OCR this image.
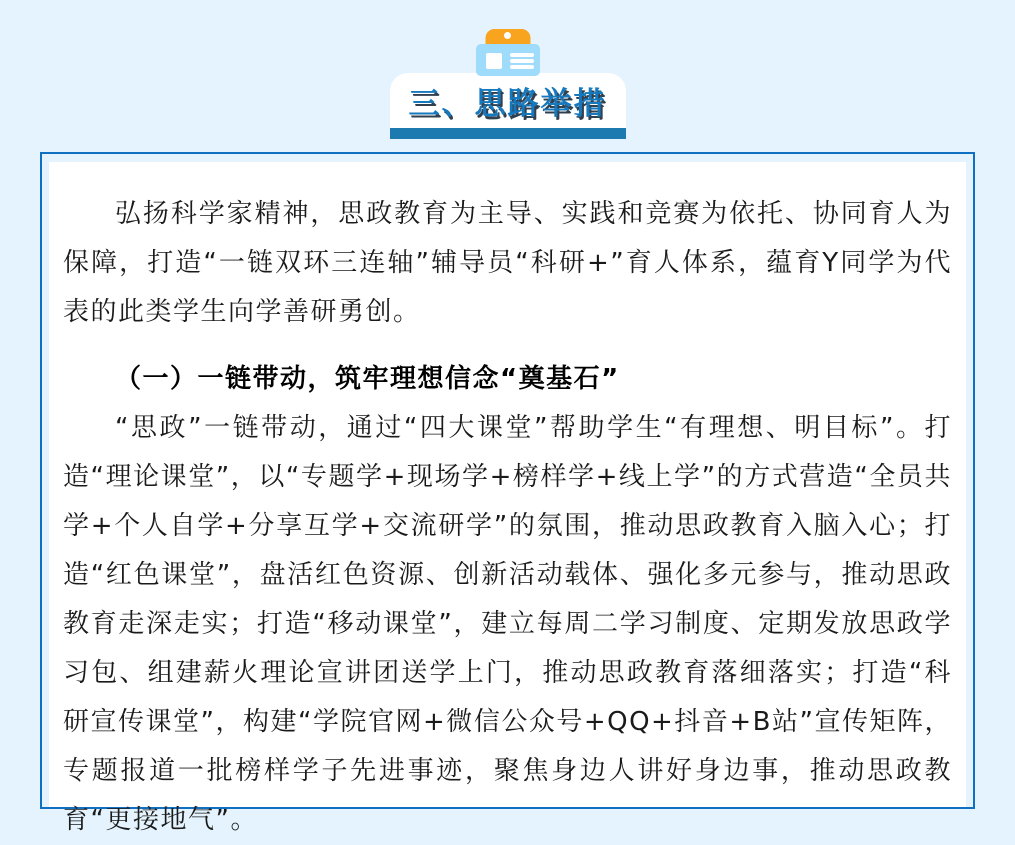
三、思路举措

弘扬科学家精神，思政教育为主导、实践和竞赛为依托、协同育人为保障，打造“一链双环三连轴”辅导员“科研+”育人体系，蕴育Y同学为代表的此类学生向学善研勇创。

（一）一链带动，筑牢理想信念“奠基石”

“思政”一链带动，通过“四大课堂”帮助学生“有理想、明目标”。打造“理论课堂”，以“专题学+现场学+榜样学+线上学”的方式营造“全员共学+个人自学+分享互学+交流研学”的氛围，推动思政教育入脑入心；打造“红色课堂”，盘活红色资源、创新活动载体、强化多元参与，推动思政教育走深走实；打造“移动课堂”，建立每周二学习制度、定期发放思政学习包、组建薪火理论宣讲团送学上门，推动思政教育落细落实；打造“科研宣传课堂”，构建“学院官网+微信公众号+QQ+抖音+B站”宣传矩阵，专题报道一批榜样学子先进事迹，聚焦身边人讲好身边事，推动思政教育“更接地气”。
